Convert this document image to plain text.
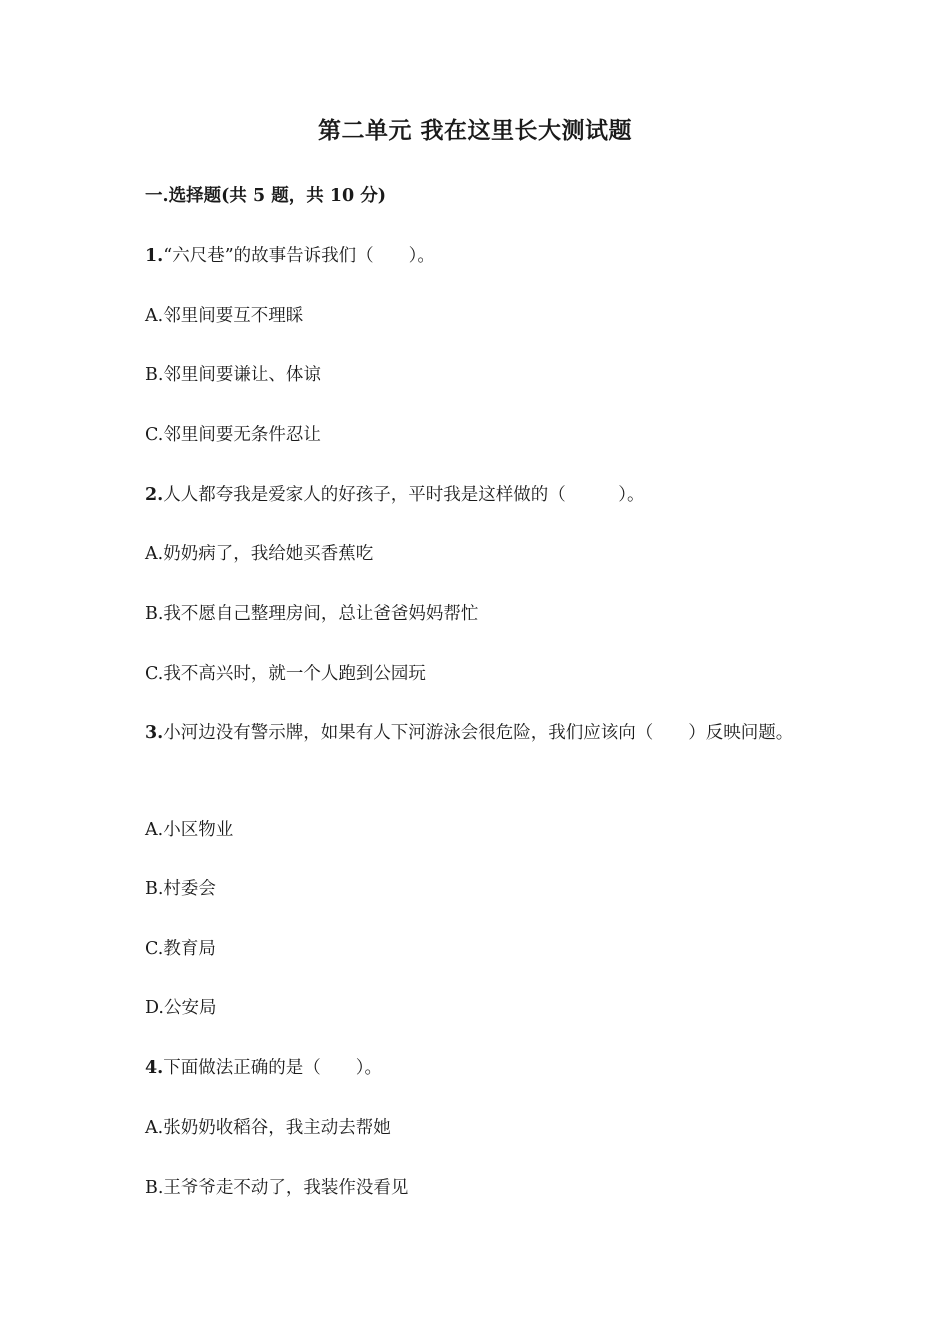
第二单元 我在这里长大测试题
一.选择题(共 5 题，共 10 分)
1.“六尺巷”的故事告诉我们（　　）。
A.邻里间要互不理睬
B.邻里间要谦让、体谅
C.邻里间要无条件忍让
2.人人都夸我是爱家人的好孩子，平时我是这样做的（　　　）。
A.奶奶病了，我给她买香蕉吃
B.我不愿自己整理房间，总让爸爸妈妈帮忙
C.我不高兴时，就一个人跑到公园玩
3.小河边没有警示牌，如果有人下河游泳会很危险，我们应该向（　　）反映问题。
A.小区物业
B.村委会
C.教育局
D.公安局
4.下面做法正确的是（　　）。
A.张奶奶收稻谷，我主动去帮她
B.王爷爷走不动了，我装作没看见
